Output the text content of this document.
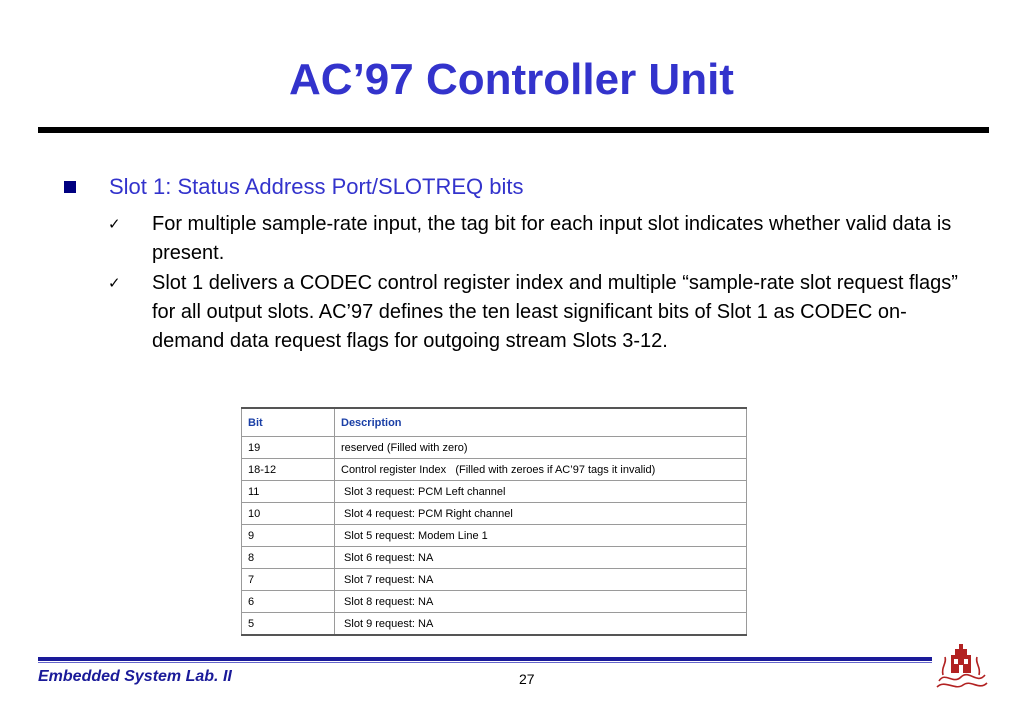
AC’97 Controller Unit
Slot 1: Status Address Port/SLOTREQ bits
✓ For multiple sample-rate input, the tag bit for each input slot indicates whether valid data is present.
✓ Slot 1 delivers a CODEC control register index and multiple “sample-rate slot request flags” for all output slots. AC’97 defines the ten least significant bits of Slot 1 as CODEC on-demand data request flags for outgoing stream Slots 3-12.
Bit	Description
19	reserved (Filled with zero)
18-12	Control register Index   (Filled with zeroes if AC’97 tags it invalid)
11	Slot 3 request: PCM Left channel
10	Slot 4 request: PCM Right channel
9	Slot 5 request: Modem Line 1
8	Slot 6 request: NA
7	Slot 7 request: NA
6	Slot 8 request: NA
5	Slot 9 request: NA
Embedded System Lab. II	27
